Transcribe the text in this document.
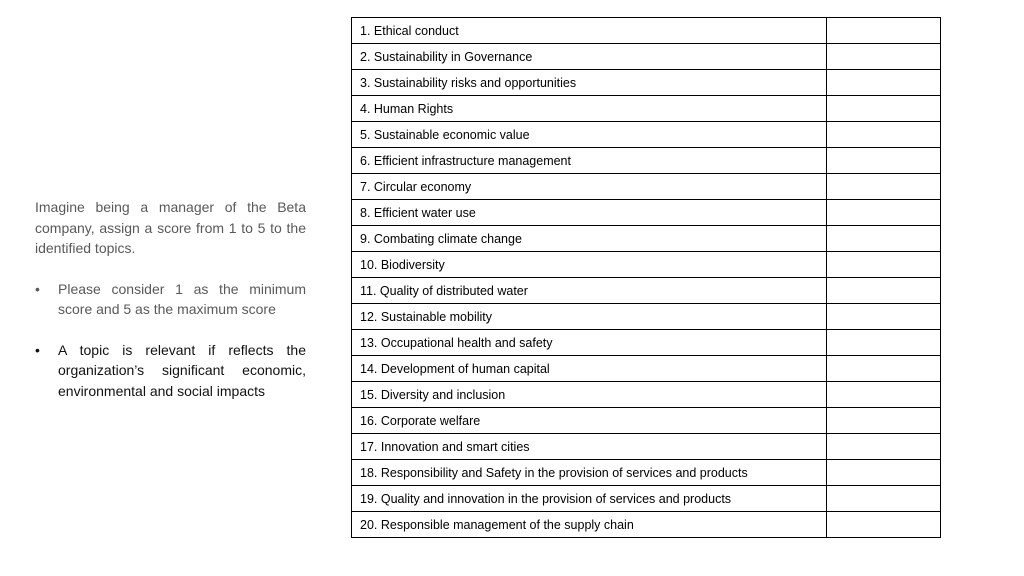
Imagine being a manager of the Beta company, assign a score from 1 to 5 to the identified topics.

• Please consider 1 as the minimum score and 5 as the maximum score
• A topic is relevant if reflects the organization’s significant economic, environmental and social impacts
1. Ethical conduct	
2. Sustainability in Governance	
3. Sustainability risks and opportunities	
4. Human Rights	
5. Sustainable economic value	
6. Efficient infrastructure management	
7. Circular economy	
8. Efficient water use	
9. Combating climate change	
10. Biodiversity	
11. Quality of distributed water	
12. Sustainable mobility	
13. Occupational health and safety	
14. Development of human capital	
15. Diversity and inclusion	
16. Corporate welfare	
17. Innovation and smart cities	
18. Responsibility and Safety in the provision of services and products	
19. Quality and innovation in the provision of services and products	
20. Responsible management of the supply chain	
